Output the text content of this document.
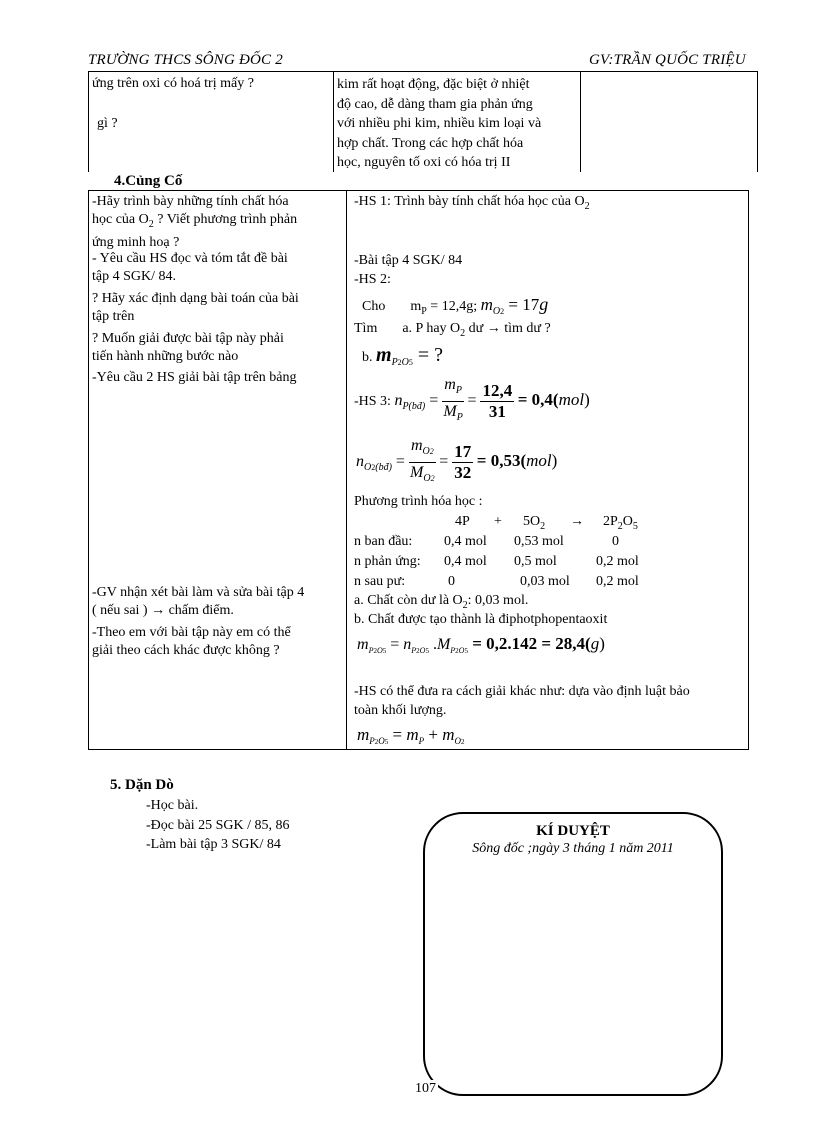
TRƯỜNG THCS SÔNG ĐỐC 2	GV:TRẦN QUỐC TRIỆU
ứng trên oxi có hoá trị mấy ?
gì ?
kim rất hoạt động, đặc biệt ở nhiệt
độ cao, dễ dàng tham gia phản ứng
với nhiều phi kim, nhiều kim loại và
hợp chất. Trong các hợp chất hóa
học, nguyên tố oxi có hóa trị II
4.Củng Cố
-Hãy trình bày những tính chất hóa
học của $O_2$ ? Viết phương trình phản
ứng minh hoạ ?
- Yêu cầu HS đọc và tóm tắt đề bài
tập 4 SGK/ 84.
? Hãy xác định dạng bài toán của bài
tập trên
? Muốn giải được bài tập này phải
tiến hành những bước nào
-Yêu cầu 2 HS giải bài tập trên bảng
-GV nhận xét bài làm và sửa bài tập 4
( nếu sai ) → chấm điểm.
-Theo em với bài tập này em có thể
giải theo cách khác được không ?
-HS 1: Trình bày tính chất hóa học của $O_2$
-Bài tập 4 SGK/ 84
-HS 2:
Cho $m_P = 12,4g$; $m_{O2} = 17g$
Tìm a. P hay $O_2$ dư → tìm dư ?
b. $m_{P2O5}$ = ?
-HS 3: $n_{P(bđ)} = \frac{m_P}{M_P} = \frac{12,4}{31} = 0,4(mol)$
$n_{O2(bđ)} = \frac{m_{O2}}{M_{O2}} = \frac{17}{32} = 0,53(mol)$
Phương trình hóa học :
$4P + 5O_2 \to 2P_2O_5$
n ban đầu: 0,4 mol 0,53 mol	0
n phản ứng: 0,4 mol 0,5 mol	0,2 mol
n sau pư:	0	0,03 mol 0,2 mol
a. Chất còn dư là $O_2$: 0,03 mol.
b. Chất được tạo thành là điphotphopentaoxit
$m_{P2O5} = n_{P2O5}$ $.M_{P2O5} = 0,2.142 = 28,4(g)$
-HS có thể đưa ra cách giải khác như: dựa vào định luật bảo
toàn khối lượng.
$m_{P2O5} = m_P + m_{O2}$
5. Dặn Dò
-Học bài.
-Đọc bài 25 SGK / 85, 86
-Làm bài tập 3 SGK/ 84
KÍ DUYỆT
Sông đốc ;ngày 3 tháng 1 năm 2011
107
